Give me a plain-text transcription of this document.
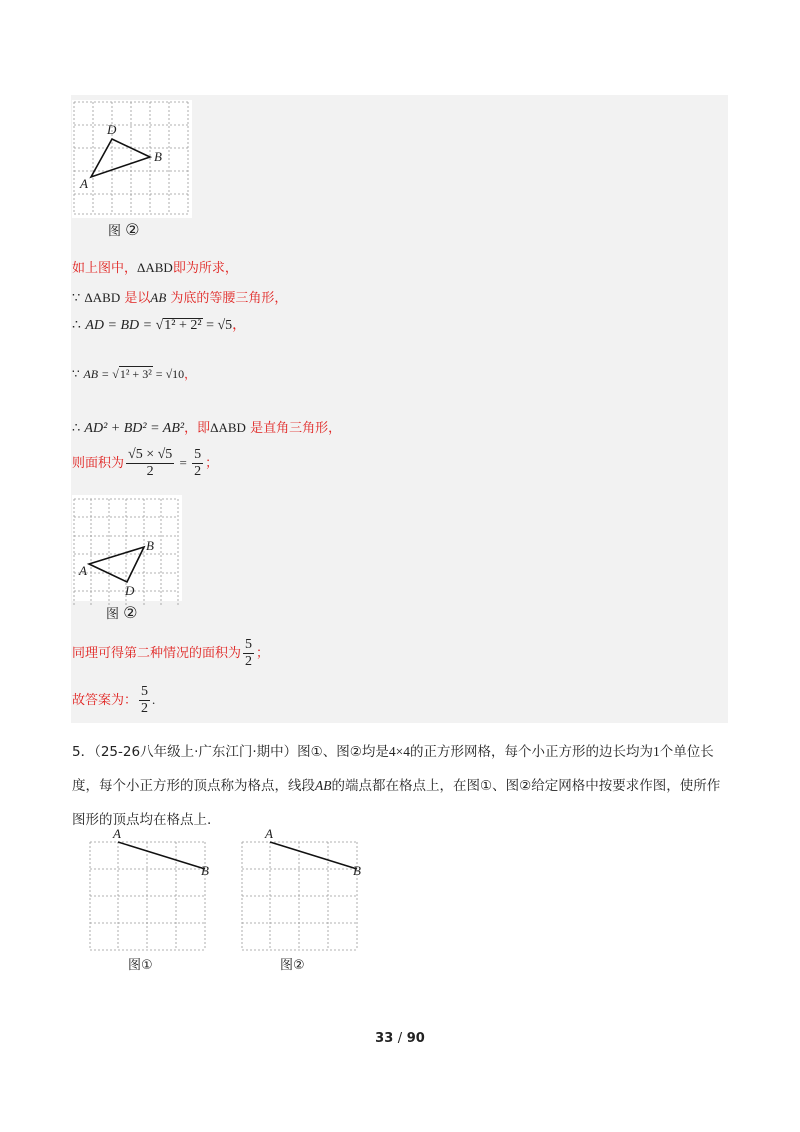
A
D
B
图 ②
如上图中，ΔABD即为所求，
∵ ΔABD 是以AB 为底的等腰三角形，
∴ AD = BD = √1² + 2² = √5，
∵ AB = √1² + 3² = √10，
∴ AD² + BD² = AB²，即ΔABD 是直角三角形，
则面积为 $\frac{√5 \times √5}{2} = \frac{5}{2}$ ；
A
B
D
图 ②
同理可得第二种情况的面积为 $\frac{5}{2}$ ；
故答案为： $\frac{5}{2}$ .
5．（25-26八年级上·广东江门·期中）图①、图②均是4×4的正方形网格，每个小正方形的边长均为1个单位长度，每个小正方形的顶点称为格点，线段AB的端点都在格点上，在图①、图②给定网格中按要求作图，使所作图形的顶点均在格点上.
A
B
图①
A
B
图②
33 / 90
